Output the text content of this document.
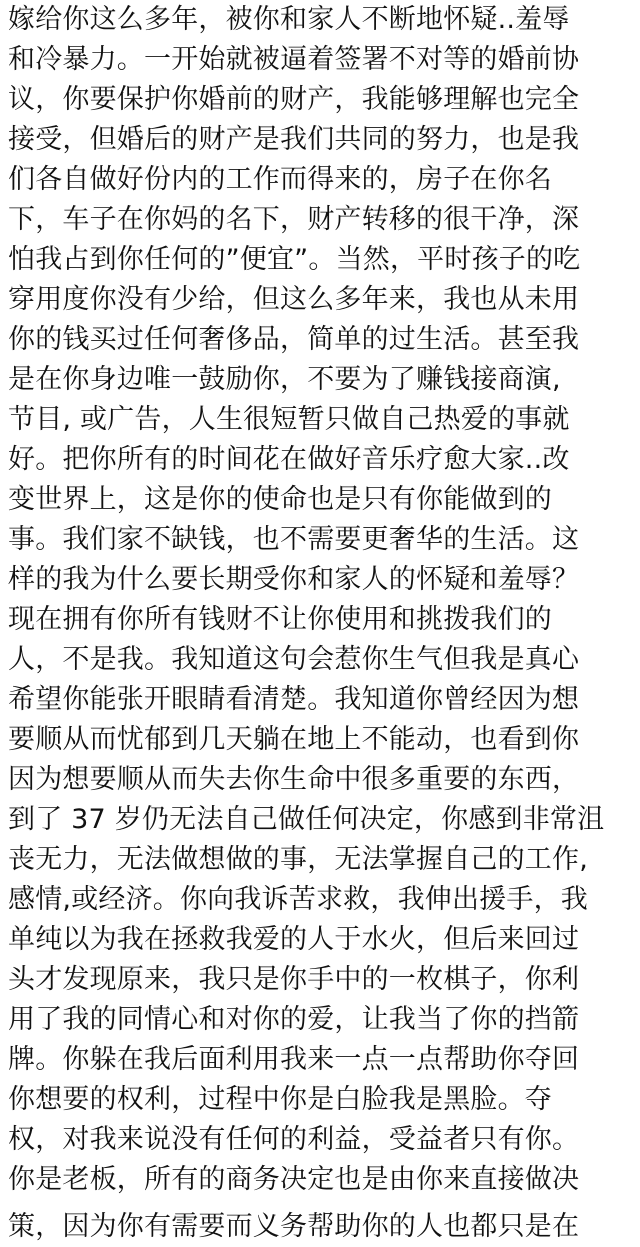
嫁给你这么多年，被你和家人不断地怀疑..羞辱
和冷暴力。一开始就被逼着签署不对等的婚前协
议，你要保护你婚前的财产，我能够理解也完全
接受，但婚后的财产是我们共同的努力，也是我
们各自做好份内的工作而得来的，房子在你名
下，车子在你妈的名下，财产转移的很干净，深
怕我占到你任何的”便宜”。当然，平时孩子的吃
穿用度你没有少给，但这么多年来，我也从未用
你的钱买过任何奢侈品，简单的过生活。甚至我
是在你身边唯一鼓励你，不要为了赚钱接商演,
节目, 或广告，人生很短暂只做自己热爱的事就
好。把你所有的时间花在做好音乐疗愈大家..改
变世界上，这是你的使命也是只有你能做到的
事。我们家不缺钱，也不需要更奢华的生活。这
样的我为什么要长期受你和家人的怀疑和羞辱？
现在拥有你所有钱财不让你使用和挑拨我们的
人，不是我。我知道这句会惹你生气但我是真心
希望你能张开眼睛看清楚。我知道你曾经因为想
要顺从而忧郁到几天躺在地上不能动，也看到你
因为想要顺从而失去你生命中很多重要的东西，
到了 37 岁仍无法自己做任何决定，你感到非常沮
丧无力，无法做想做的事，无法掌握自己的工作,
感情,或经济。你向我诉苦求救，我伸出援手，我
单纯以为我在拯救我爱的人于水火，但后来回过
头才发现原来，我只是你手中的一枚棋子，你利
用了我的同情心和对你的爱，让我当了你的挡箭
牌。你躲在我后面利用我来一点一点帮助你夺回
你想要的权利，过程中你是白脸我是黑脸。夺
权，对我来说没有任何的利益，受益者只有你。
你是老板，所有的商务决定也是由你来直接做决
策，因为你有需要而义务帮助你的人也都只是在
